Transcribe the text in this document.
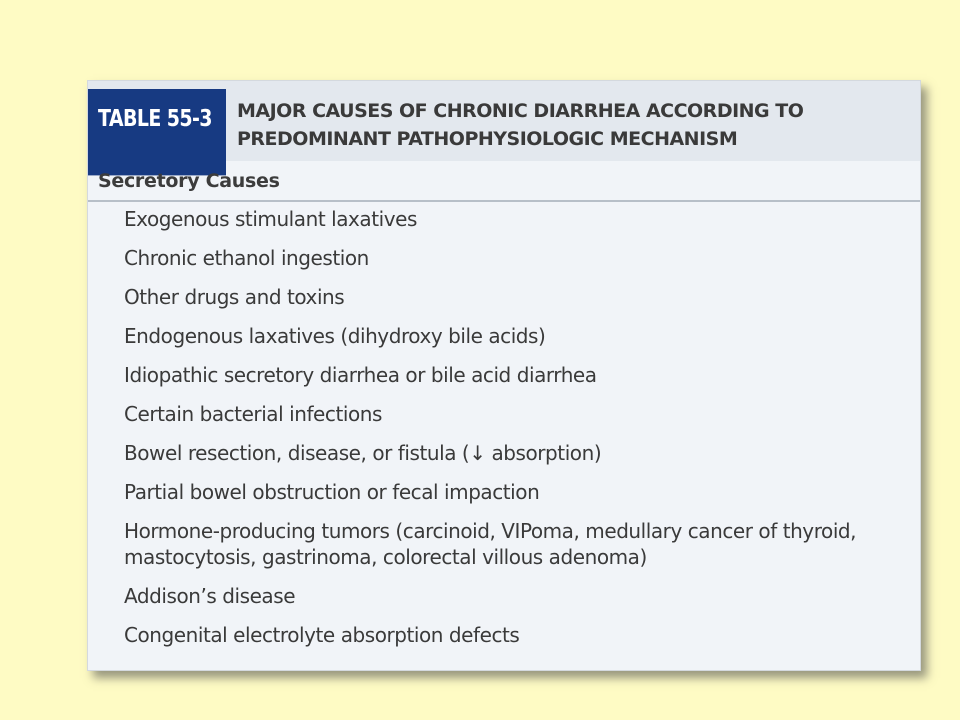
TABLE 55-3	MAJOR CAUSES OF CHRONIC DIARRHEA ACCORDING TO PREDOMINANT PATHOPHYSIOLOGIC MECHANISM
Secretory Causes
Exogenous stimulant laxatives
Chronic ethanol ingestion
Other drugs and toxins
Endogenous laxatives (dihydroxy bile acids)
Idiopathic secretory diarrhea or bile acid diarrhea
Certain bacterial infections
Bowel resection, disease, or fistula (↓ absorption)
Partial bowel obstruction or fecal impaction
Hormone-producing tumors (carcinoid, VIPoma, medullary cancer of thyroid, mastocytosis, gastrinoma, colorectal villous adenoma)
Addison’s disease
Congenital electrolyte absorption defects
